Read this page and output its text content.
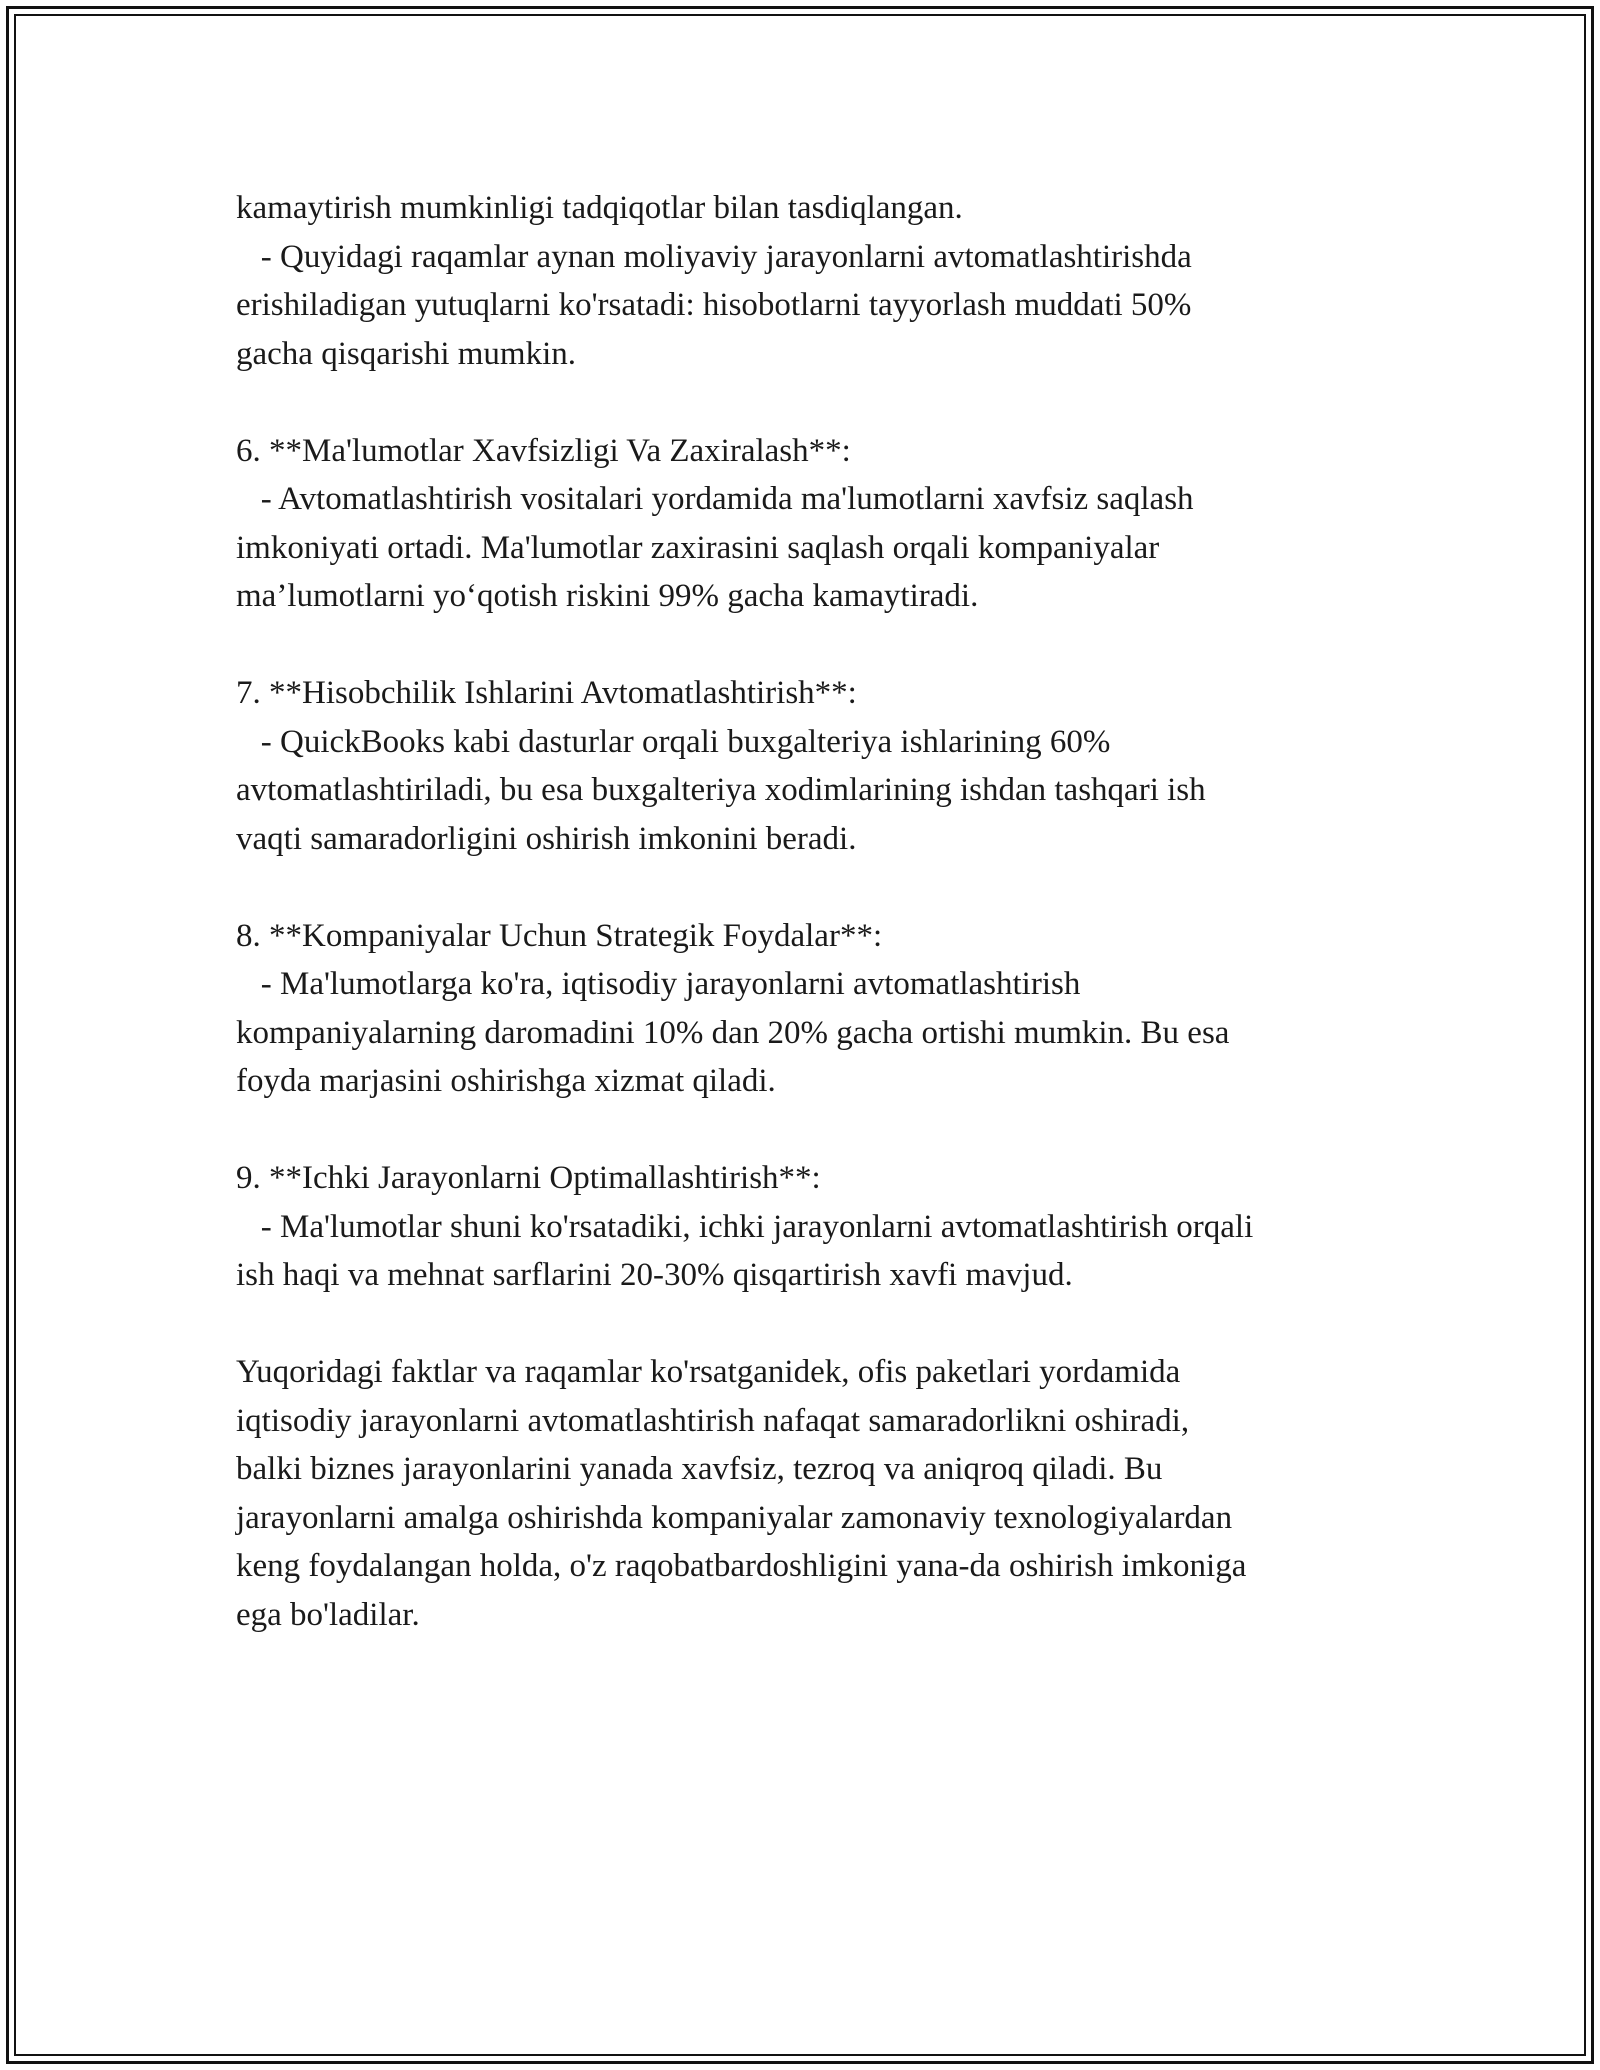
kamaytirish mumkinligi tadqiqotlar bilan tasdiqlangan.
- Quyidagi raqamlar aynan moliyaviy jarayonlarni avtomatlashtirishda
erishiladigan yutuqlarni ko'rsatadi: hisobotlarni tayyorlash muddati 50%
gacha qisqarishi mumkin.

6. **Ma'lumotlar Xavfsizligi Va Zaxiralash**:
- Avtomatlashtirish vositalari yordamida ma'lumotlarni xavfsiz saqlash
imkoniyati ortadi. Ma'lumotlar zaxirasini saqlash orqali kompaniyalar
ma’lumotlarni yo‘qotish riskini 99% gacha kamaytiradi.

7. **Hisobchilik Ishlarini Avtomatlashtirish**:
- QuickBooks kabi dasturlar orqali buxgalteriya ishlarining 60%
avtomatlashtiriladi, bu esa buxgalteriya xodimlarining ishdan tashqari ish
vaqti samaradorligini oshirish imkonini beradi.

8. **Kompaniyalar Uchun Strategik Foydalar**:
- Ma'lumotlarga ko'ra, iqtisodiy jarayonlarni avtomatlashtirish
kompaniyalarning daromadini 10% dan 20% gacha ortishi mumkin. Bu esa
foyda marjasini oshirishga xizmat qiladi.

9. **Ichki Jarayonlarni Optimallashtirish**:
- Ma'lumotlar shuni ko'rsatadiki, ichki jarayonlarni avtomatlashtirish orqali
ish haqi va mehnat sarflarini 20-30% qisqartirish xavfi mavjud.

Yuqoridagi faktlar va raqamlar ko'rsatganidek, ofis paketlari yordamida
iqtisodiy jarayonlarni avtomatlashtirish nafaqat samaradorlikni oshiradi,
balki biznes jarayonlarini yanada xavfsiz, tezroq va aniqroq qiladi. Bu
jarayonlarni amalga oshirishda kompaniyalar zamonaviy texnologiyalardan
keng foydalangan holda, o'z raqobatbardoshligini yana-da oshirish imkoniga
ega bo'ladilar.
